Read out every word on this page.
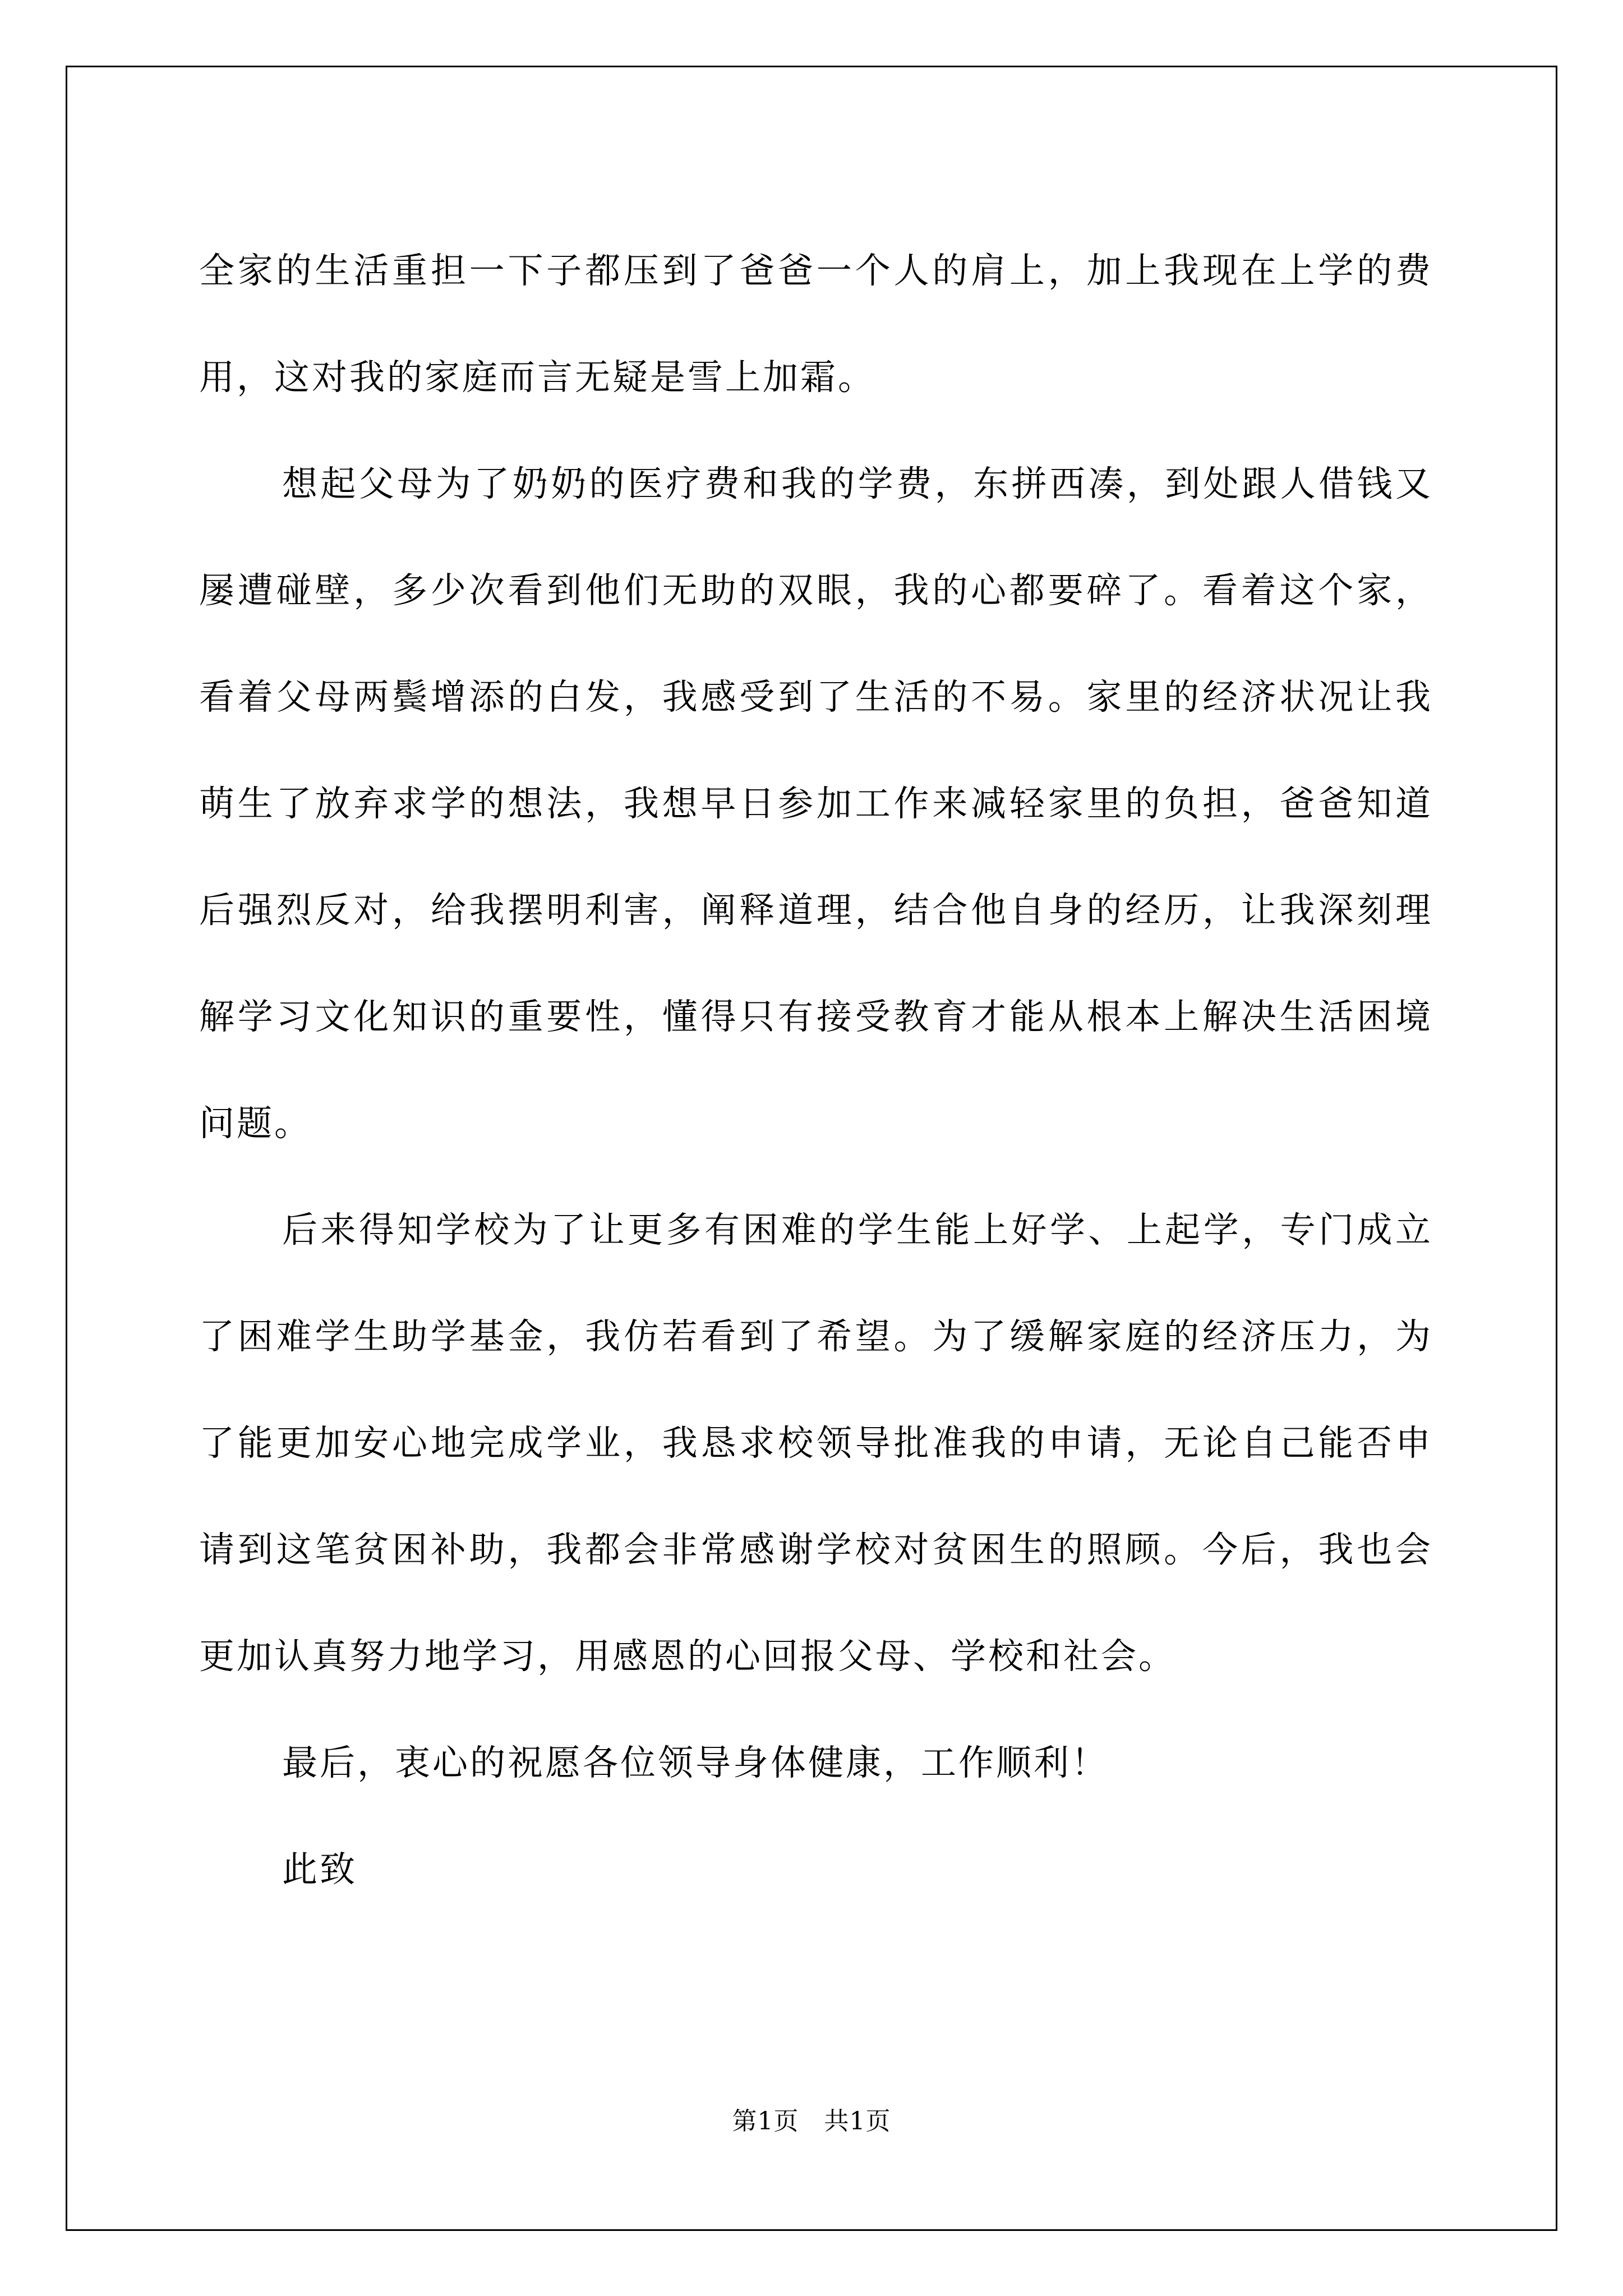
全家的生活重担一下子都压到了爸爸一个人的肩上，加上我现在上学的费用，这对我的家庭而言无疑是雪上加霜。

想起父母为了奶奶的医疗费和我的学费，东拼西凑，到处跟人借钱又屡遭碰壁，多少次看到他们无助的双眼，我的心都要碎了。看着这个家，看着父母两鬓增添的白发，我感受到了生活的不易。家里的经济状况让我萌生了放弃求学的想法，我想早日参加工作来减轻家里的负担，爸爸知道后强烈反对，给我摆明利害，阐释道理，结合他自身的经历，让我深刻理解学习文化知识的重要性，懂得只有接受教育才能从根本上解决生活困境问题。

后来得知学校为了让更多有困难的学生能上好学、上起学，专门成立了困难学生助学基金，我仿若看到了希望。为了缓解家庭的经济压力，为了能更加安心地完成学业，我恳求校领导批准我的申请，无论自己能否申请到这笔贫困补助，我都会非常感谢学校对贫困生的照顾。今后，我也会更加认真努力地学习，用感恩的心回报父母、学校和社会。

最后，衷心的祝愿各位领导身体健康，工作顺利！

此致

第1页　共1页
